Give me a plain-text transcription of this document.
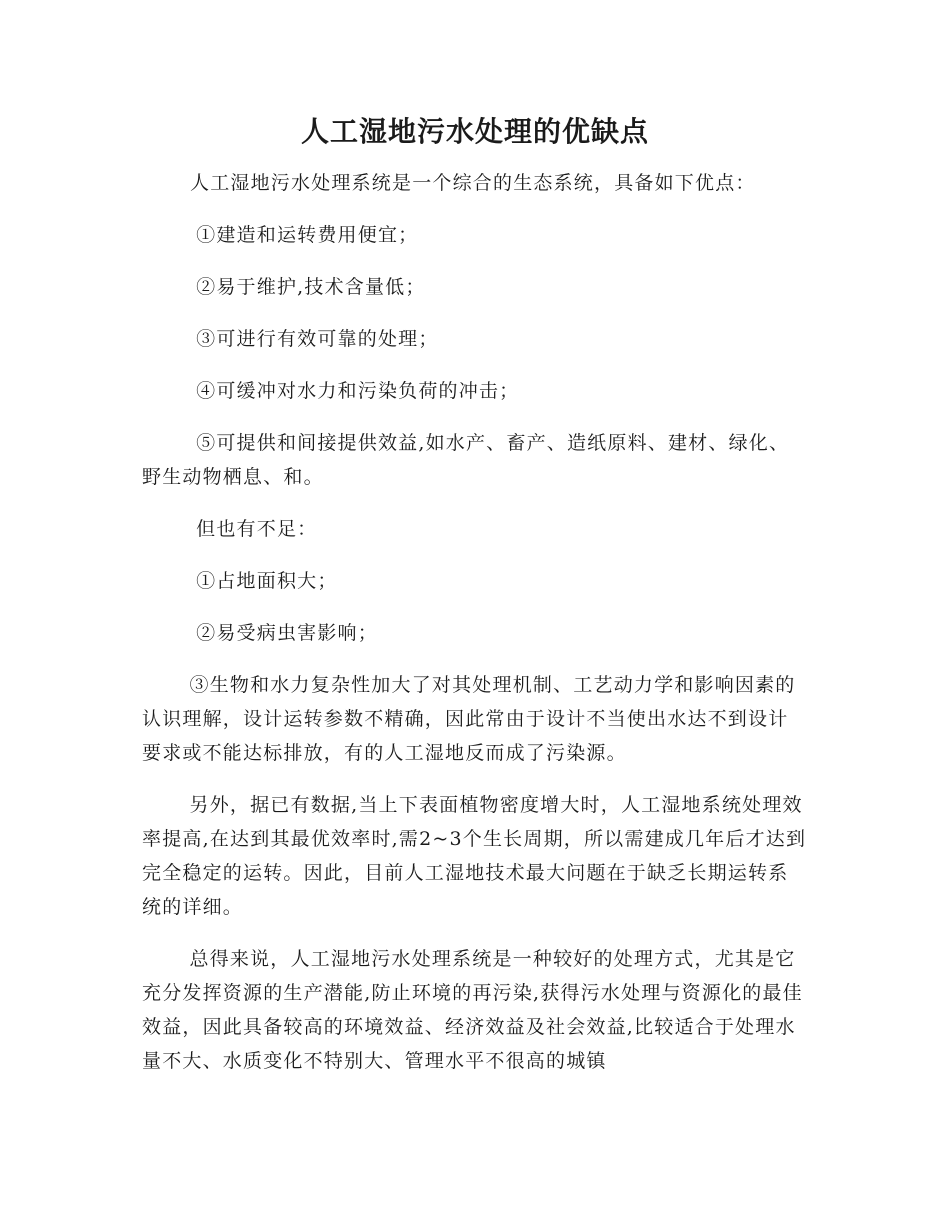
人工湿地污水处理的优缺点

人工湿地污水处理系统是一个综合的生态系统，具备如下优点：

①建造和运转费用便宜；

②易于维护,技术含量低；

③可进行有效可靠的处理；

④可缓冲对水力和污染负荷的冲击；

⑤可提供和间接提供效益,如水产、畜产、造纸原料、建材、绿化、野生动物栖息、和。

但也有不足：

①占地面积大；

②易受病虫害影响；

③生物和水力复杂性加大了对其处理机制、工艺动力学和影响因素的认识理解，设计运转参数不精确，因此常由于设计不当使出水达不到设计要求或不能达标排放，有的人工湿地反而成了污染源。

另外，据已有数据,当上下表面植物密度增大时，人工湿地系统处理效率提高,在达到其最优效率时,需2~3个生长周期，所以需建成几年后才达到完全稳定的运转。因此，目前人工湿地技术最大问题在于缺乏长期运转系统的详细。

总得来说，人工湿地污水处理系统是一种较好的处理方式，尤其是它充分发挥资源的生产潜能,防止环境的再污染,获得污水处理与资源化的最佳效益，因此具备较高的环境效益、经济效益及社会效益,比较适合于处理水量不大、水质变化不特别大、管理水平不很高的城镇
